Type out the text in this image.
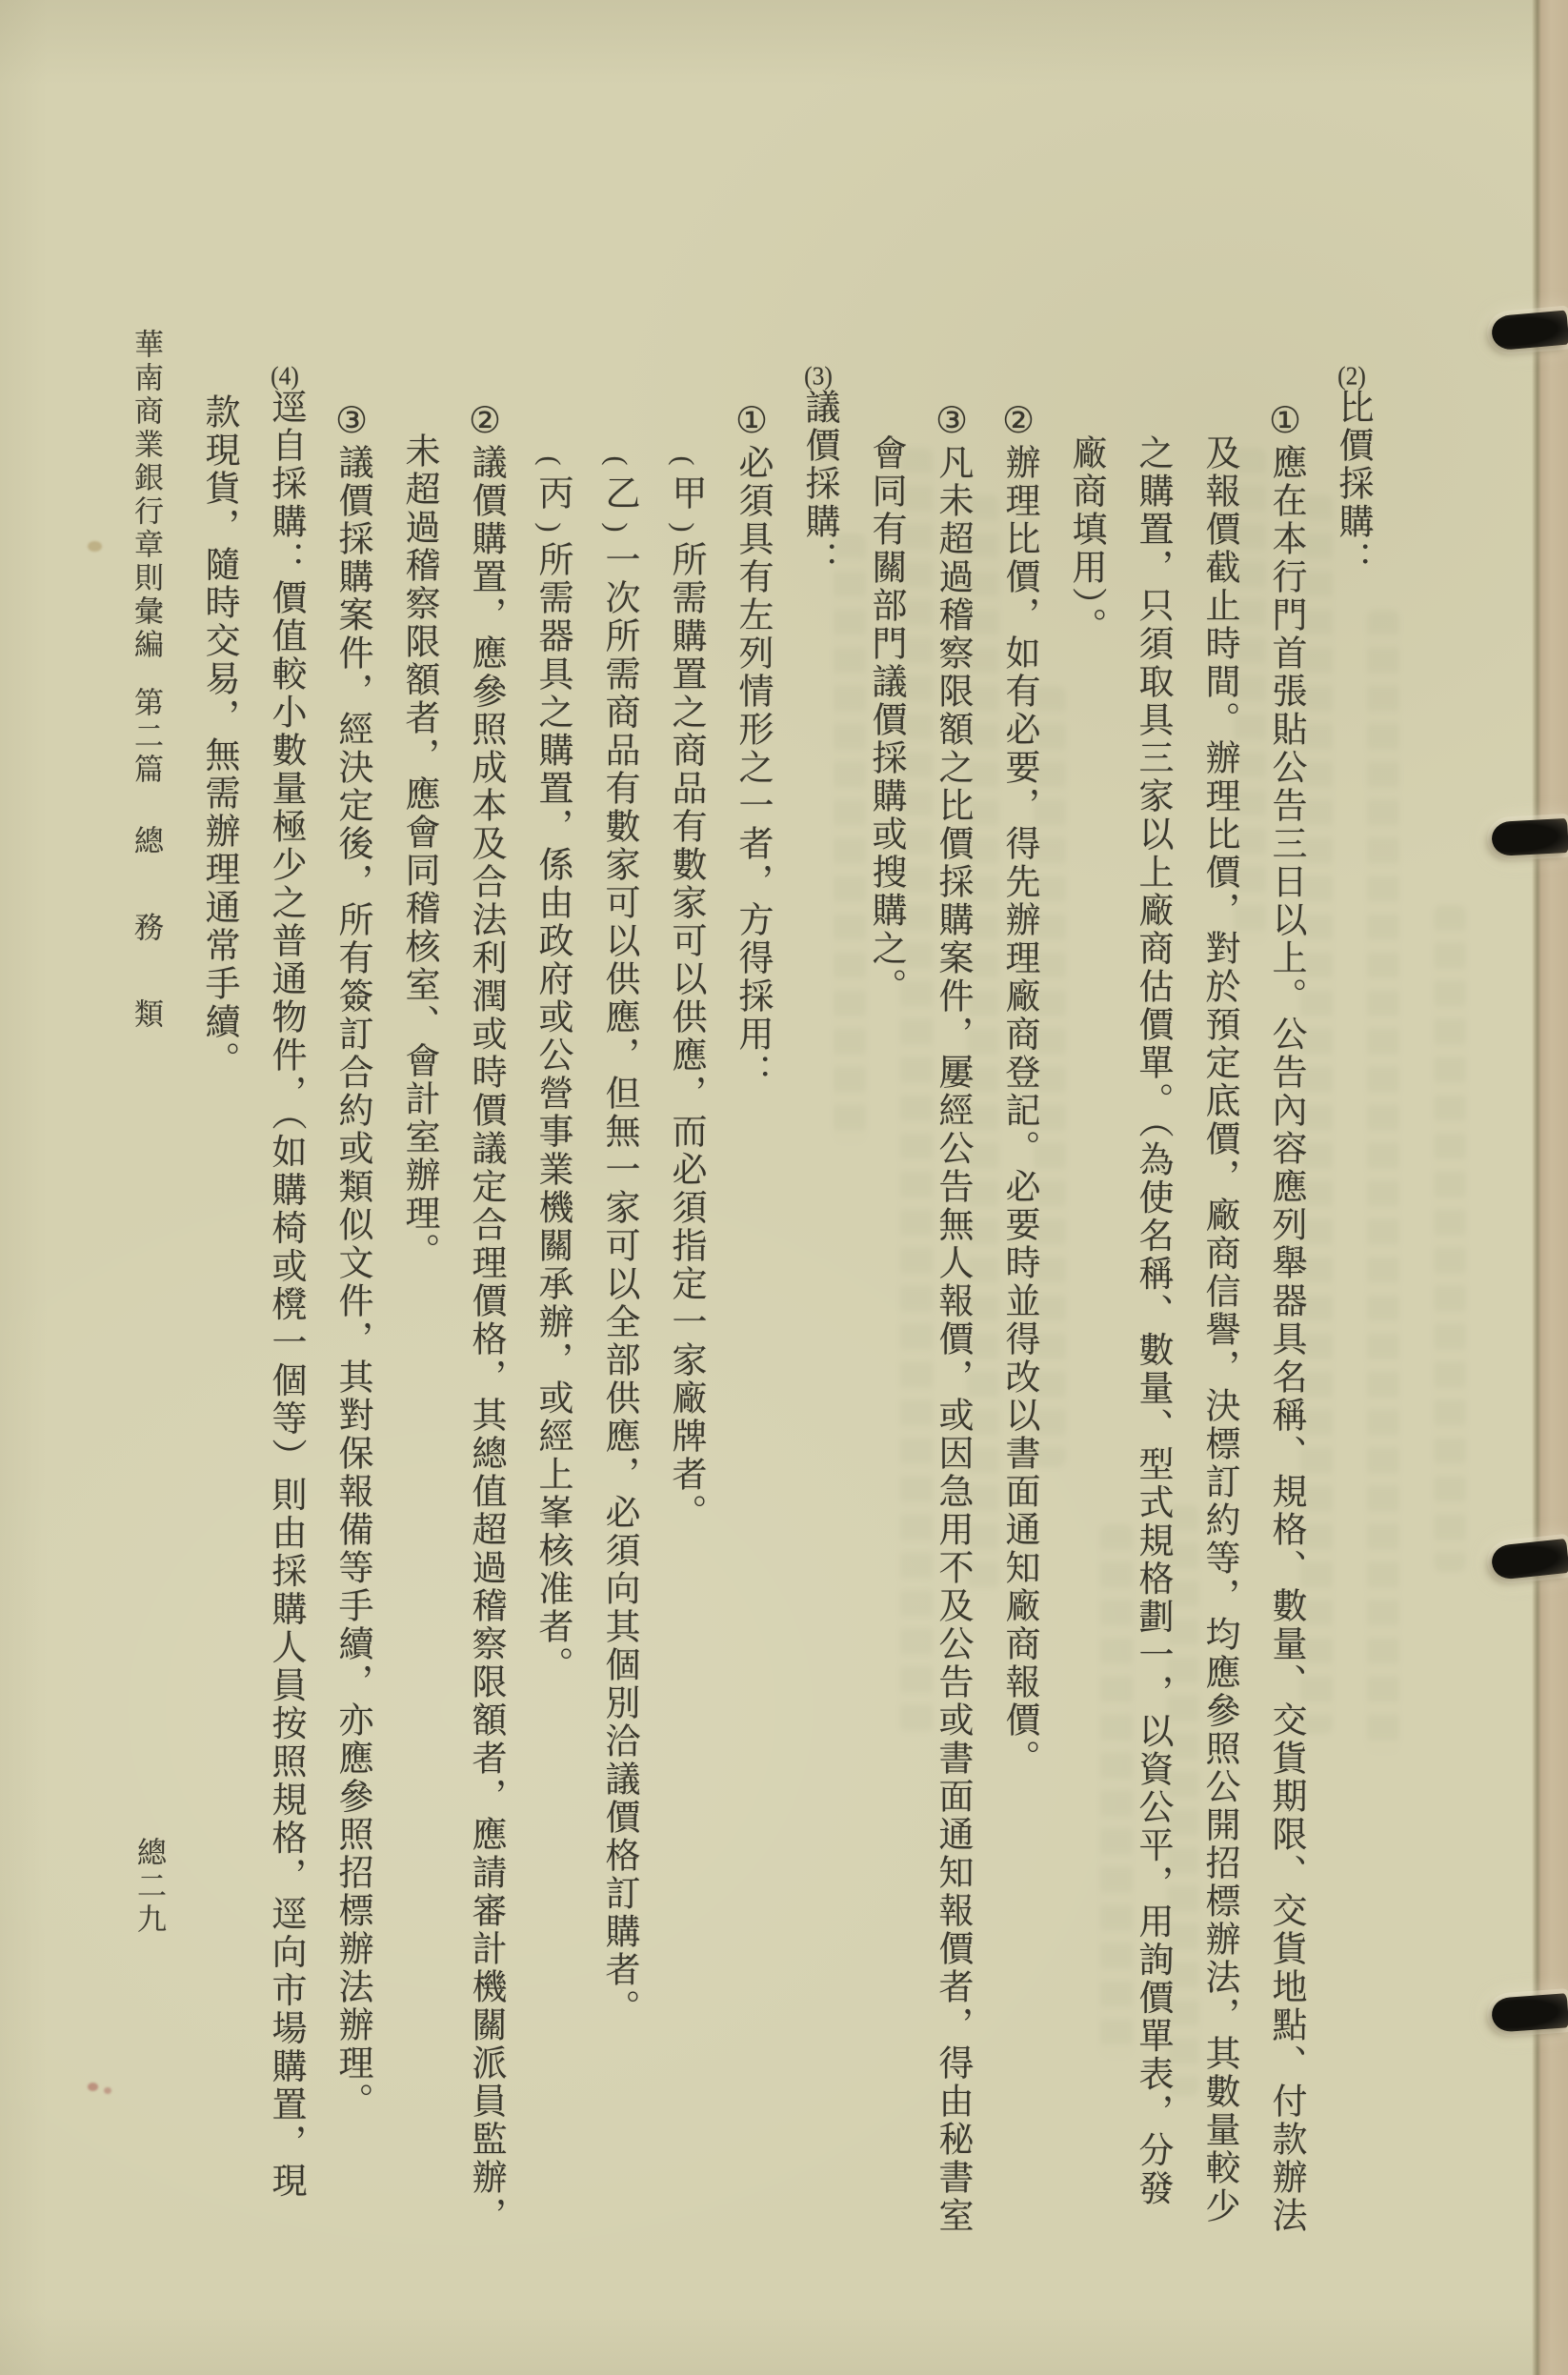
(2)比價採購：
①應在本行門首張貼公告三日以上。公告內容應列舉器具名稱、規格、數量、交貨期限、交貨地點、付款辦法
及報價截止時間。辦理比價，對於預定底價，廠商信譽，決標訂約等，均應參照公開招標辦法，其數量較少
之購置，只須取具三家以上廠商估價單。（為使名稱、數量、型式規格劃一，以資公平，用詢價單表，分發
廠商填用）。
②辦理比價，如有必要，得先辦理廠商登記。必要時並得改以書面通知廠商報價。
③凡未超過稽察限額之比價採購案件，屢經公告無人報價，或因急用不及公告或書面通知報價者，得由秘書室
會同有關部門議價採購或搜購之。
(3)議價採購：
①必須具有左列情形之一者，方得採用：
(甲)所需購置之商品有數家可以供應，而必須指定一家廠牌者。
(乙)一次所需商品有數家可以供應，但無一家可以全部供應，必須向其個別洽議價格訂購者。
(丙)所需器具之購置，係由政府或公營事業機關承辦，或經上峯核准者。
②議價購置，應參照成本及合法利潤或時價議定合理價格，其總值超過稽察限額者，應請審計機關派員監辦，
未超過稽察限額者，應會同稽核室、會計室辦理。
③議價採購案件，經決定後，所有簽訂合約或類似文件，其對保報備等手續，亦應參照招標辦法辦理。
(4)逕自採購：價值較小數量極少之普通物件，（如購椅或櫈一個等）則由採購人員按照規格，逕向市場購置，現
款現貨，隨時交易，無需辦理通常手續。
華南商業銀行章則彙編第二篇總務類
總二九
